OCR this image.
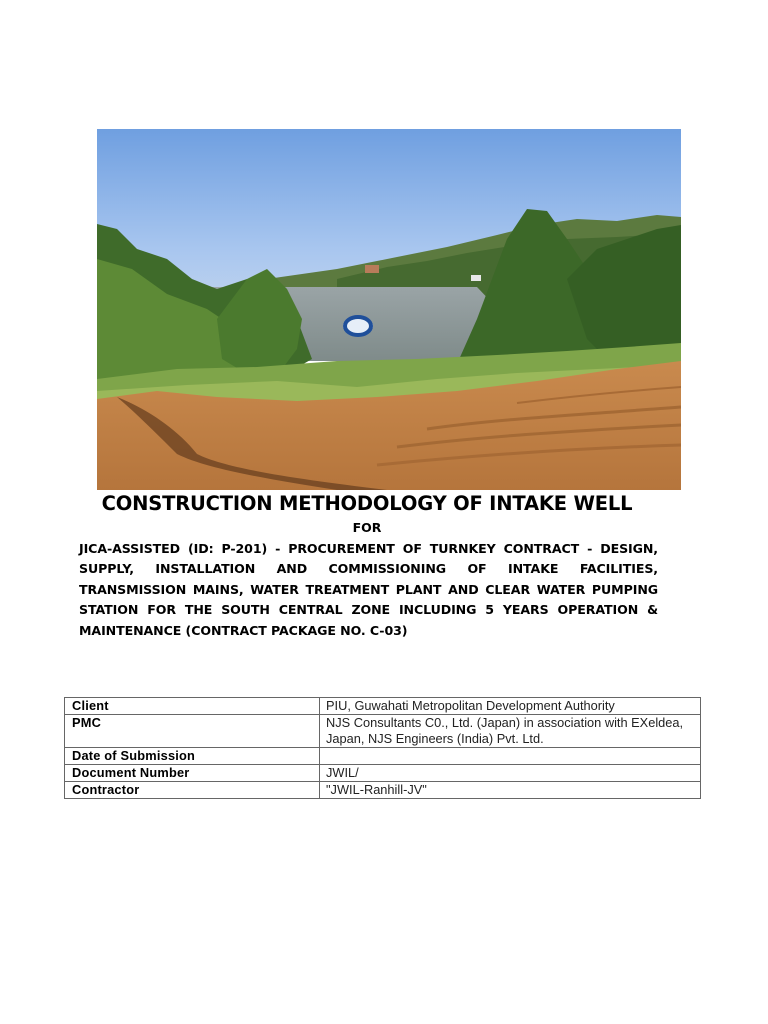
CONSTRUCTION METHODOLOGY OF INTAKE WELL

FOR

JICA-ASSISTED (ID: P-201) - PROCUREMENT OF TURNKEY CONTRACT - DESIGN, SUPPLY, INSTALLATION AND COMMISSIONING OF INTAKE FACILITIES, TRANSMISSION MAINS, WATER TREATMENT PLANT AND CLEAR WATER PUMPING STATION FOR THE SOUTH CENTRAL ZONE INCLUDING 5 YEARS OPERATION & MAINTENANCE (CONTRACT PACKAGE NO. C-03)

Client	PIU, Guwahati Metropolitan Development Authority
PMC	NJS Consultants C0., Ltd. (Japan) in association with EXeldea, Japan, NJS Engineers (India) Pvt. Ltd.
Date of Submission	
Document Number	JWIL/
Contractor	"JWIL-Ranhill-JV"
